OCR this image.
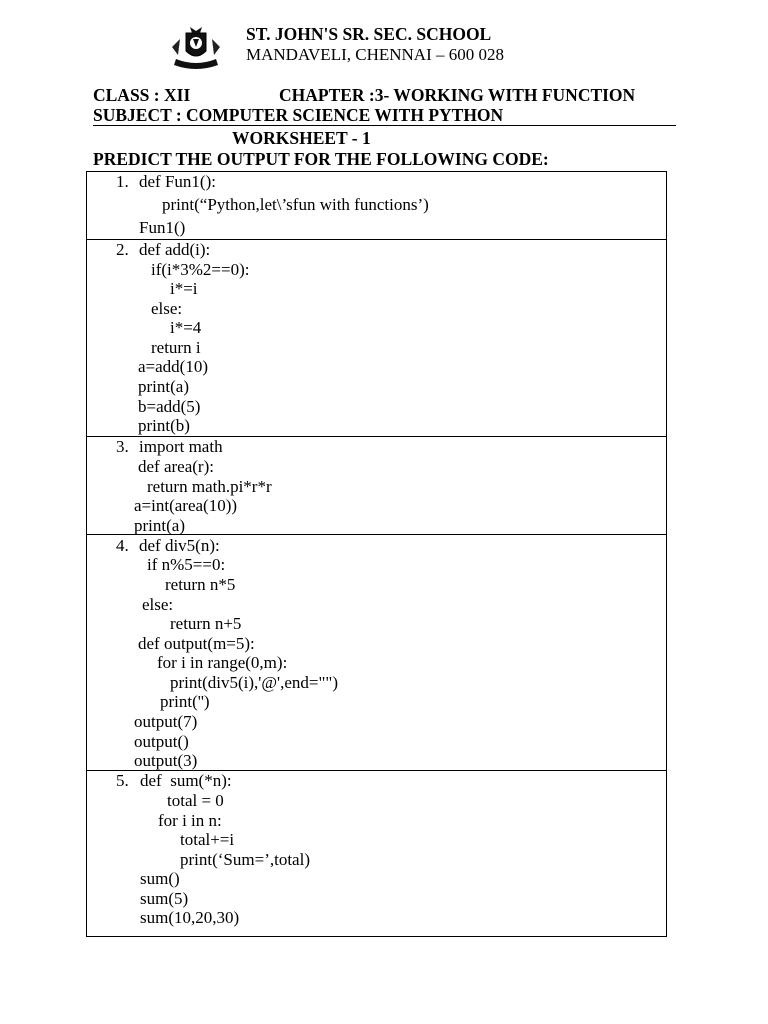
ST. JOHN'S SR. SEC. SCHOOL
MANDAVELI, CHENNAI – 600 028
CLASS : XII	CHAPTER :3- WORKING WITH FUNCTION
SUBJECT : COMPUTER SCIENCE WITH PYTHON
WORKSHEET - 1
PREDICT THE OUTPUT FOR THE FOLLOWING CODE:
1. def Fun1():
print(“Python,let\’sfun with functions’)
Fun1()
2. def add(i):
if(i*3%2==0):
i*=i
else:
i*=4
return i
a=add(10)
print(a)
b=add(5)
print(b)
3. import math
def area(r):
return math.pi*r*r
a=int(area(10))
print(a)
4. def div5(n):
if n%5==0:
return n*5
else:
return n+5
def output(m=5):
for i in range(0,m):
print(div5(i),'@',end="")
print('')
output(7)
output()
output(3)
5. def  sum(*n):
total = 0
for i in n:
total+=i
print(‘Sum=’,total)
sum()
sum(5)
sum(10,20,30)
